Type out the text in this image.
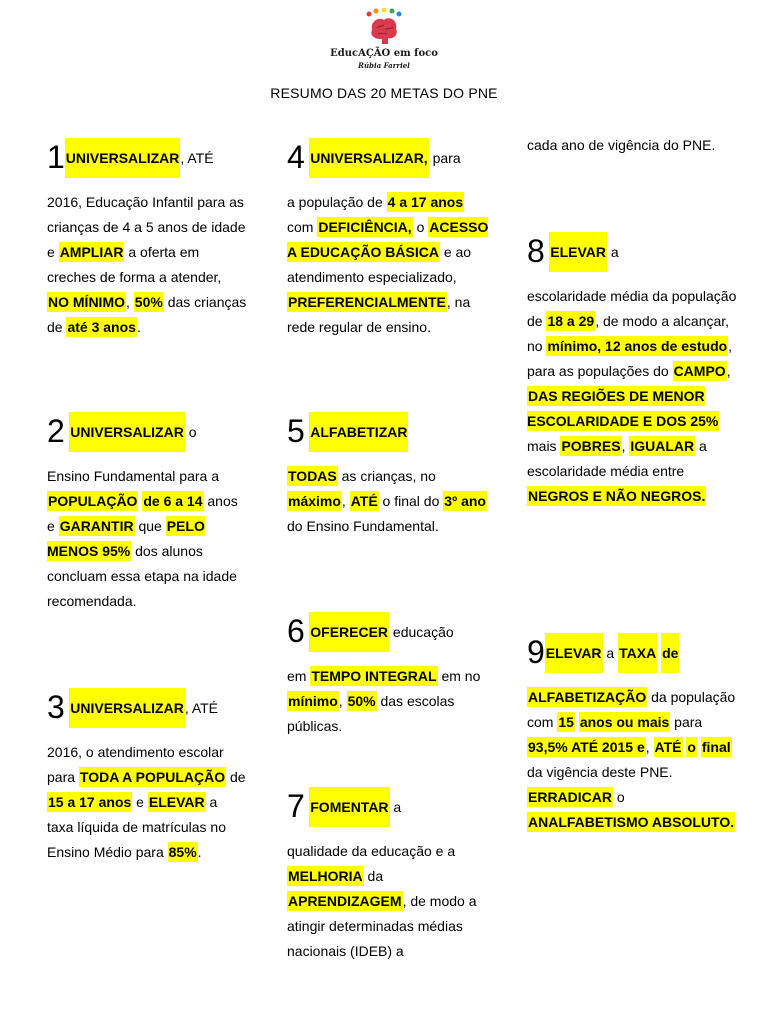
EducAÇÃO em foco
Rúbia Farriel
RESUMO DAS 20 METAS DO PNE
1UNIVERSALIZAR, ATÉ
2016, Educação Infantil para as crianças de 4 a 5 anos de idade e AMPLIAR a oferta em creches de forma a atender, NO MÍNIMO, 50% das crianças de até 3 anos.
2 UNIVERSALIZAR o
Ensino Fundamental para a POPULAÇÃO de 6 a 14 anos e GARANTIR que PELO MENOS 95% dos alunos concluam essa etapa na idade recomendada.
3 UNIVERSALIZAR, ATÉ
2016, o atendimento escolar para TODA A POPULAÇÃO de 15 a 17 anos e ELEVAR a taxa líquida de matrículas no Ensino Médio para 85%.
4 UNIVERSALIZAR, para
a população de 4 a 17 anos com DEFICIÊNCIA, o ACESSO A EDUCAÇÃO BÁSICA e ao atendimento especializado, PREFERENCIALMENTE, na rede regular de ensino.
5 ALFABETIZAR
TODAS as crianças, no máximo, ATÉ o final do 3º ano do Ensino Fundamental.
6 OFERECER educação
em TEMPO INTEGRAL em no mínimo, 50% das escolas públicas.
7 FOMENTAR a
qualidade da educação e a MELHORIA da APRENDIZAGEM, de modo a atingir determinadas médias nacionais (IDEB) a
cada ano de vigência do PNE.
8 ELEVAR a
escolaridade média da população de 18 a 29, de modo a alcançar, no mínimo, 12 anos de estudo, para as populações do CAMPO, DAS REGIÕES DE MENOR ESCOLARIDADE E DOS 25% mais POBRES, IGUALAR a escolaridade média entre NEGROS E NÃO NEGROS.
9ELEVAR a TAXA de
ALFABETIZAÇÃO da população com 15 anos ou mais para 93,5% ATÉ 2015 e, ATÉ o final da vigência deste PNE. ERRADICAR o ANALFABETISMO ABSOLUTO.
